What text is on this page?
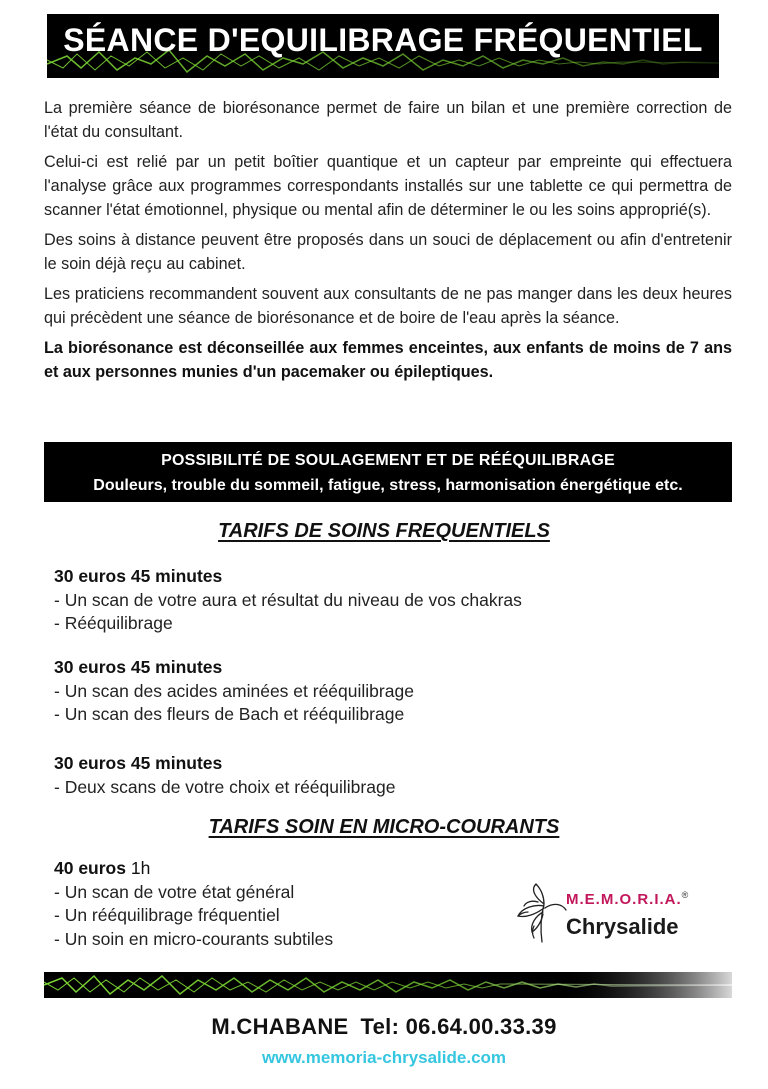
SÉANCE D'EQUILIBRAGE FRÉQUENTIEL

La première séance de biorésonance permet de faire un bilan et une première correction de l'état du consultant.

Celui-ci est relié par un petit boîtier quantique et un capteur par empreinte qui effectuera l'analyse grâce aux programmes correspondants installés sur une tablette ce qui permettra de scanner l'état émotionnel, physique ou mental afin de déterminer le ou les soins approprié(s).

Des soins à distance peuvent être proposés dans un souci de déplacement ou afin d'entretenir le soin déjà reçu au cabinet.

Les praticiens recommandent souvent aux consultants de ne pas manger dans les deux heures qui précèdent une séance de biorésonance et de boire de l'eau après la séance.

La biorésonance est déconseillée aux femmes enceintes, aux enfants de moins de 7 ans et aux personnes munies d'un pacemaker ou épileptiques.

POSSIBILITÉ DE SOULAGEMENT ET DE RÉÉQUILIBRAGE
Douleurs, trouble du sommeil, fatigue, stress, harmonisation énergétique etc.
TARIFS DE SOINS FREQUENTIELS
30 euros 45 minutes
- Un scan de votre aura et résultat du niveau de vos chakras
- Rééquilibrage
30 euros 45 minutes
- Un scan des acides aminées et rééquilibrage
- Un scan des fleurs de Bach et rééquilibrage
30 euros 45 minutes
- Deux scans de votre choix et rééquilibrage
TARIFS SOIN EN MICRO-COURANTS
40 euros 1h
- Un scan de votre état général
- Un rééquilibrage fréquentiel
- Un soin en micro-courants subtiles
M.E.M.O.R.I.A.®
Chrysalide
M.CHABANE Tel: 06.64.00.33.39
www.memoria-chrysalide.com
